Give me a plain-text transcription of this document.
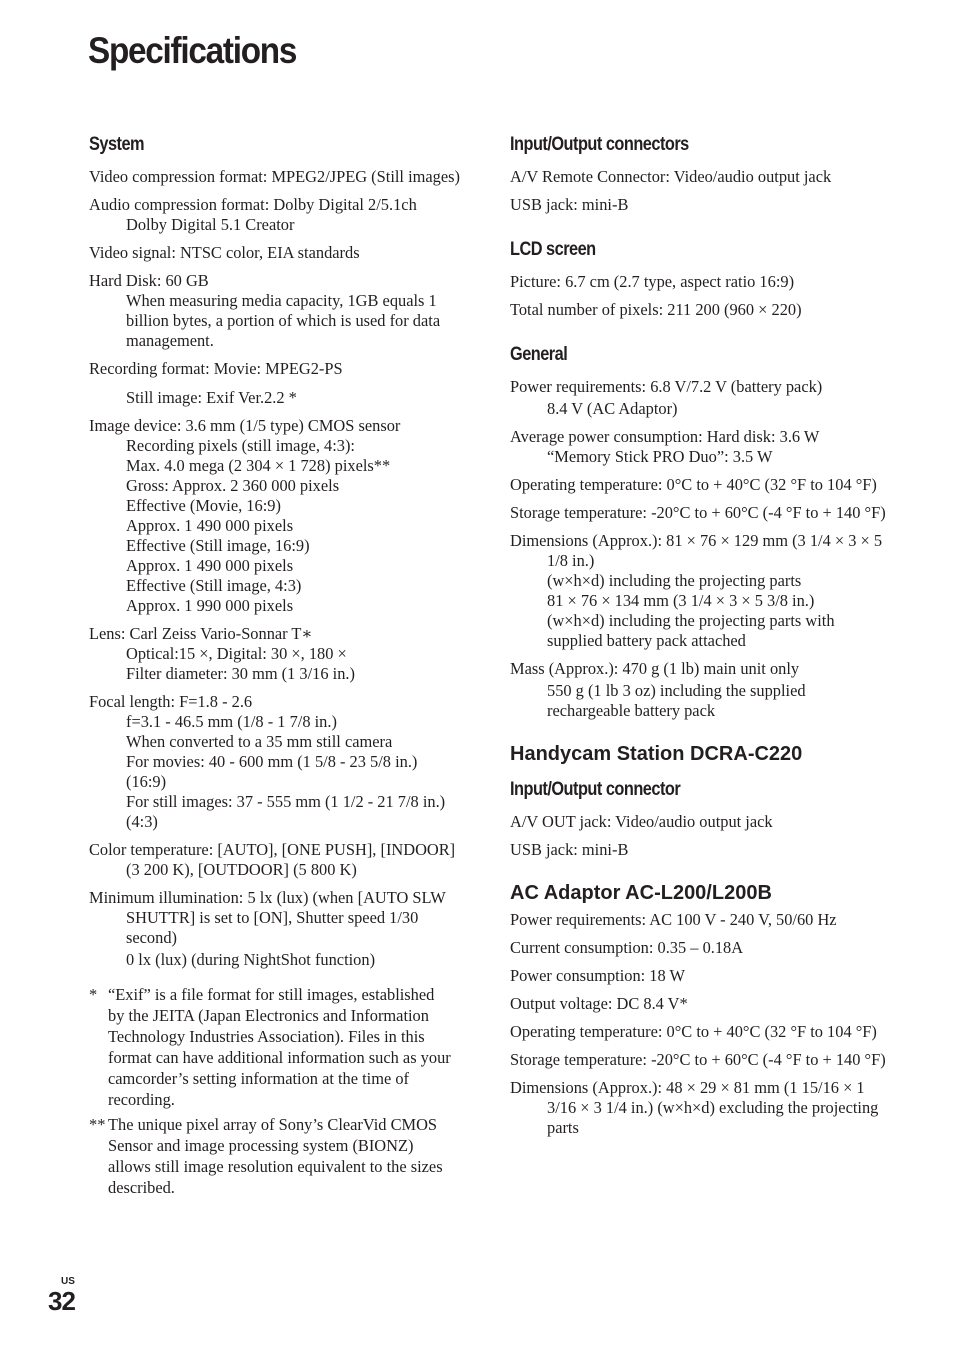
Specifications
System
Video compression format: MPEG2/JPEG (Still images)
Audio compression format: Dolby Digital 2/5.1ch
Dolby Digital 5.1 Creator
Video signal: NTSC color, EIA standards
Hard Disk: 60 GB
When measuring media capacity, 1GB equals 1 billion bytes, a portion of which is used for data management.
Recording format: Movie: MPEG2-PS
Still image: Exif Ver.2.2 *
Image device: 3.6 mm (1/5 type) CMOS sensor
Recording pixels (still image, 4:3):
Max. 4.0 mega (2 304 × 1 728) pixels**
Gross: Approx. 2 360 000 pixels
Effective (Movie, 16:9)
Approx. 1 490 000 pixels
Effective (Still image, 16:9)
Approx. 1 490 000 pixels
Effective (Still image, 4:3)
Approx. 1 990 000 pixels
Lens: Carl Zeiss Vario-Sonnar T∗
Optical:15 ×, Digital: 30 ×, 180 ×
Filter diameter: 30 mm (1 3/16 in.)
Focal length: F=1.8 - 2.6
f=3.1 - 46.5 mm (1/8 - 1 7/8 in.)
When converted to a 35 mm still camera
For movies: 40 - 600 mm (1 5/8 - 23 5/8 in.) (16:9)
For still images: 37 - 555 mm (1 1/2 - 21 7/8 in.) (4:3)
Color temperature: [AUTO], [ONE PUSH], [INDOOR] (3 200 K), [OUTDOOR] (5 800 K)
Minimum illumination: 5 lx (lux) (when [AUTO SLW SHUTTR] is set to [ON], Shutter speed 1/30 second)
0 lx (lux) (during NightShot function)
* “Exif” is a file format for still images, established by the JEITA (Japan Electronics and Information Technology Industries Association). Files in this format can have additional information such as your camcorder’s setting information at the time of recording.
** The unique pixel array of Sony’s ClearVid CMOS Sensor and image processing system (BIONZ) allows still image resolution equivalent to the sizes described.
Input/Output connectors
A/V Remote Connector: Video/audio output jack
USB jack: mini-B
LCD screen
Picture: 6.7 cm (2.7 type, aspect ratio 16:9)
Total number of pixels: 211 200 (960 × 220)
General
Power requirements: 6.8 V/7.2 V (battery pack)
8.4 V (AC Adaptor)
Average power consumption: Hard disk: 3.6 W
“Memory Stick PRO Duo”: 3.5 W
Operating temperature: 0°C to + 40°C (32 °F to 104 °F)
Storage temperature: -20°C to + 60°C (-4 °F to + 140 °F)
Dimensions (Approx.): 81 × 76 × 129 mm (3 1/4 × 3 × 5 1/8 in.)
(w×h×d) including the projecting parts
81 × 76 × 134 mm (3 1/4 × 3 × 5 3/8 in.)
(w×h×d) including the projecting parts with supplied battery pack attached
Mass (Approx.): 470 g (1 lb) main unit only
550 g (1 lb 3 oz) including the supplied rechargeable battery pack
Handycam Station DCRA-C220
Input/Output connector
A/V OUT jack: Video/audio output jack
USB jack: mini-B
AC Adaptor AC-L200/L200B
Power requirements: AC 100 V - 240 V, 50/60 Hz
Current consumption: 0.35 – 0.18A
Power consumption: 18 W
Output voltage: DC 8.4 V*
Operating temperature: 0°C to + 40°C (32 °F to 104 °F)
Storage temperature: -20°C to + 60°C (-4 °F to + 140 °F)
Dimensions (Approx.): 48 × 29 × 81 mm (1 15/16 × 1 3/16 × 3 1/4 in.) (w×h×d) excluding the projecting parts
US
32
